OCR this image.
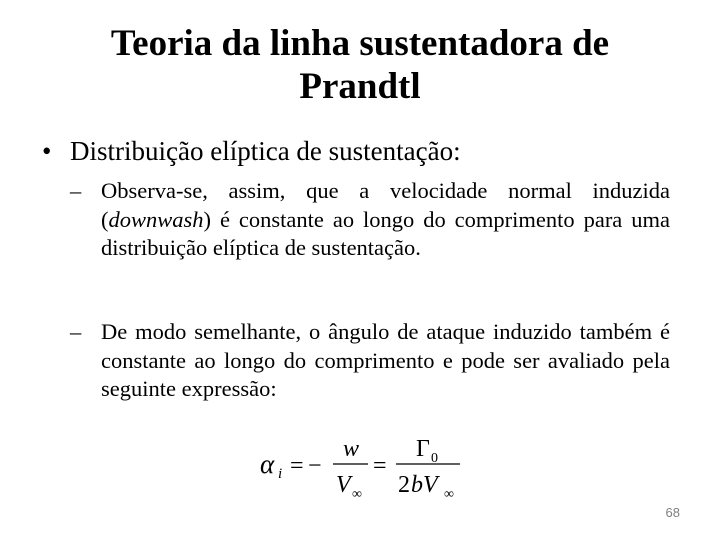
Teoria da linha sustentadora de
Prandtl
• Distribuição elíptica de sustentação:
– Observa-se, assim, que a velocidade normal induzida (downwash) é constante ao longo do comprimento para uma distribuição elíptica de sustentação.
– De modo semelhante, o ângulo de ataque induzido também é constante ao longo do comprimento e pode ser avaliado pela seguinte expressão:
α i = −
w
V ∞
=
Γ 0
2 bV ∞
68
